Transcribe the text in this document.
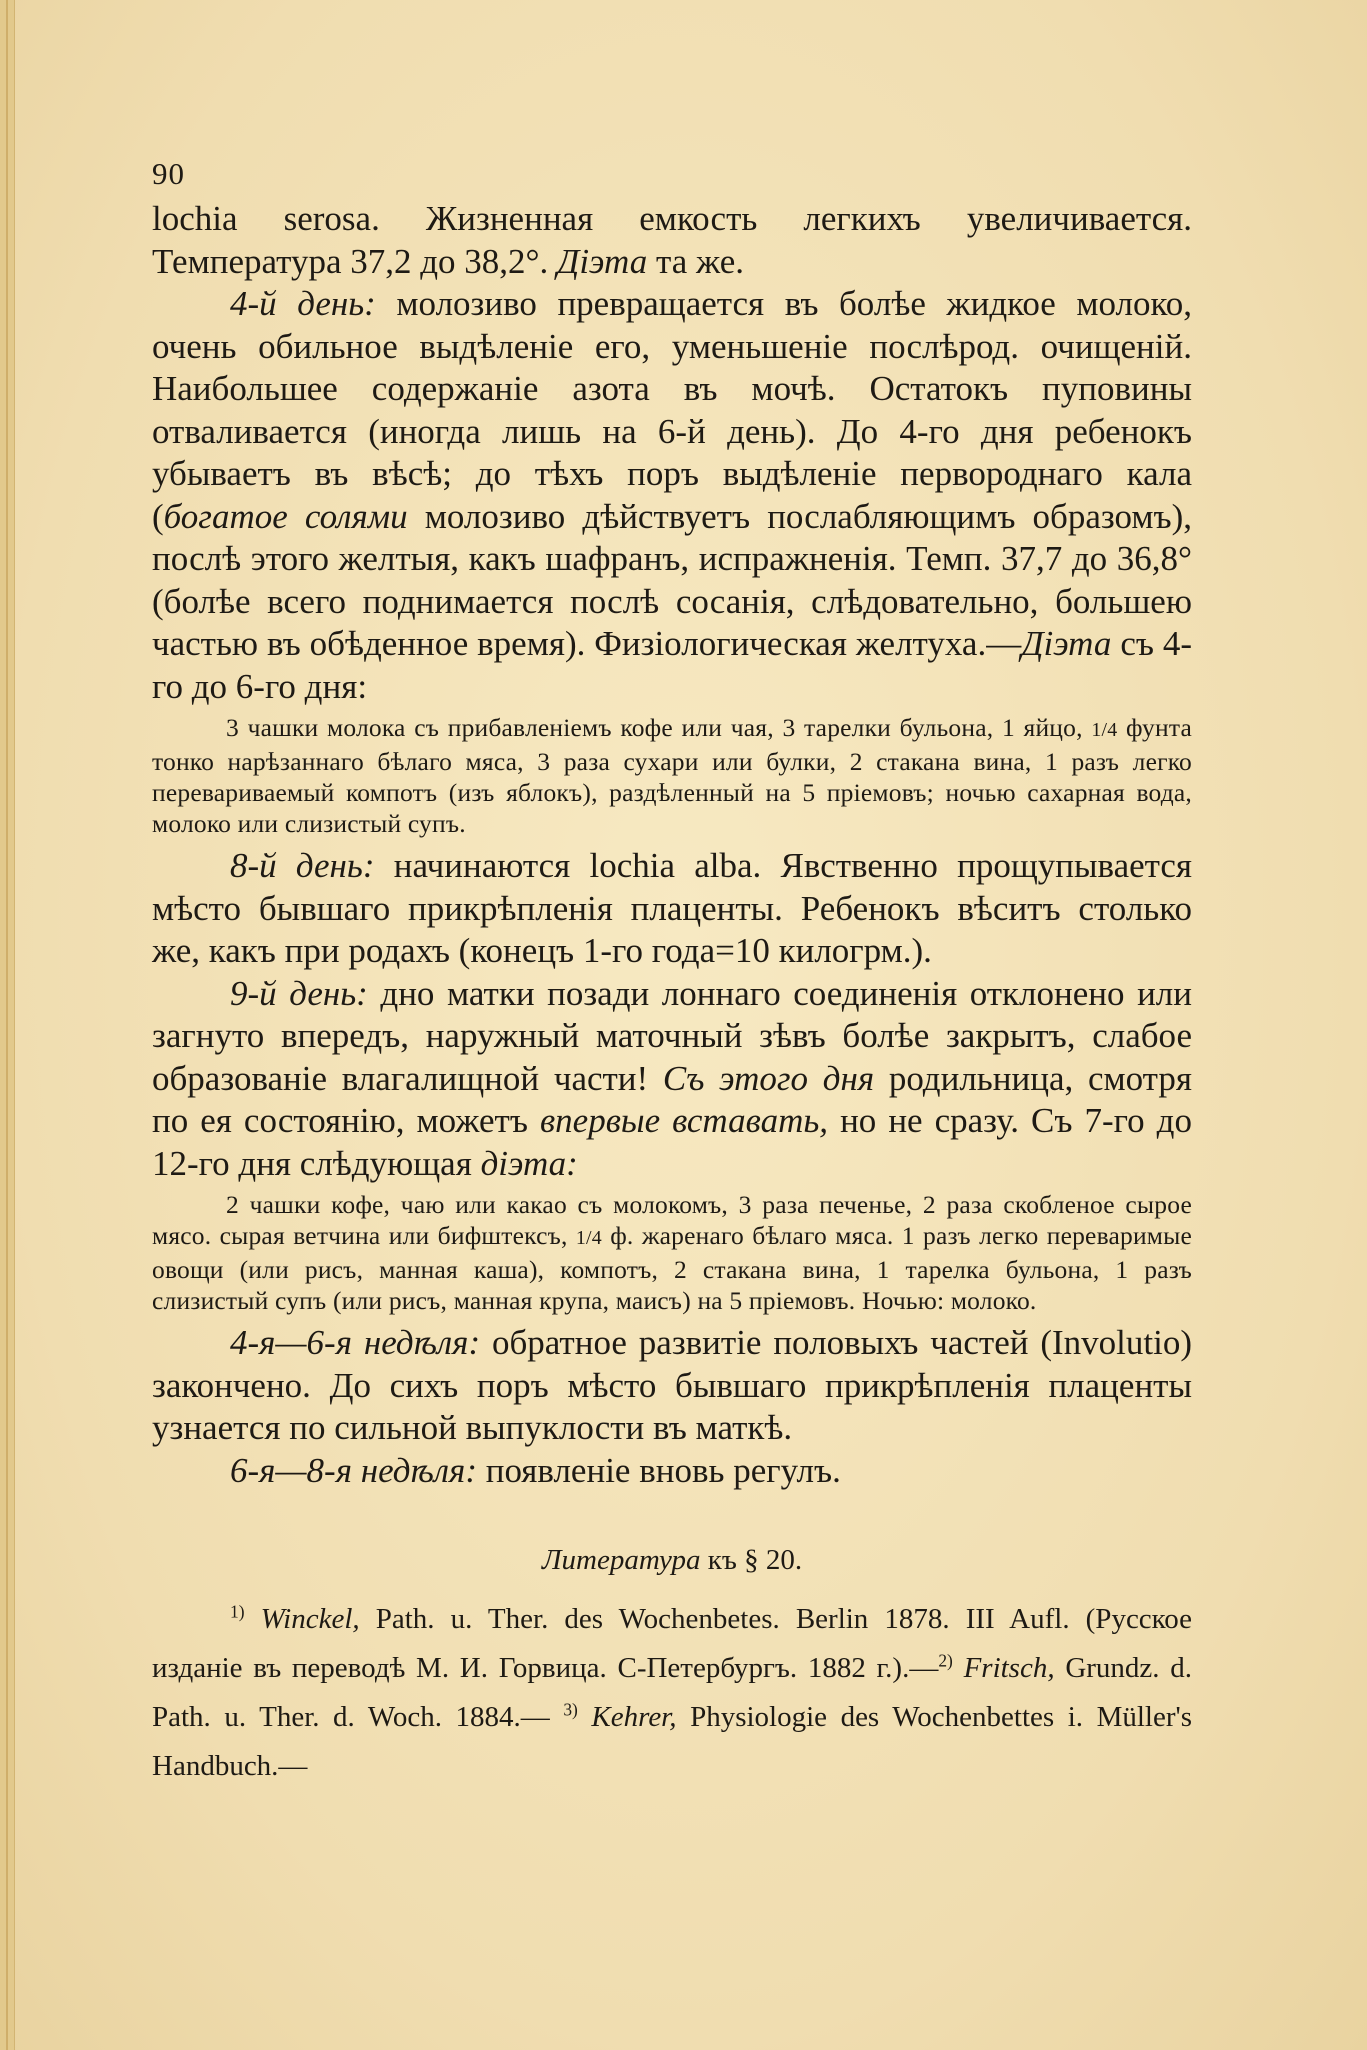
90

lochia serosa. Жизненная емкость легкихъ увеличивается. Температура 37,2 до 38,2°. Діэта та же.

4-й день: молозиво превращается въ болѣе жидкое молоко, очень обильное выдѣленіе его, уменьшеніе послѣрод. очищеній. Наибольшее содержаніе азота въ мочѣ. Остатокъ пуповины отваливается (иногда лишь на 6-й день). До 4-го дня ребенокъ убываетъ въ вѣсѣ; до тѣхъ поръ выдѣленіе первороднаго кала (богатое солями молозиво дѣйствуетъ послабляющимъ образомъ), послѣ этого желтыя, какъ шафранъ, испражненія. Темп. 37,7 до 36,8° (болѣе всего поднимается послѣ сосанія, слѣдовательно, большею частью въ обѣденное время). Физіологическая желтуха.—Діэта съ 4-го до 6-го дня:

3 чашки молока съ прибавленіемъ кофе или чая, 3 тарелки бульона, 1 яйцо, 1/4 фунта тонко нарѣзаннаго бѣлаго мяса, 3 раза сухари или булки, 2 стакана вина, 1 разъ легко перевариваемый компотъ (изъ яблокъ), раздѣленный на 5 пріемовъ; ночью сахарная вода, молоко или слизистый супъ.

8-й день: начинаются lochia alba. Явственно прощупывается мѣсто бывшаго прикрѣпленія плаценты. Ребенокъ вѣситъ столько же, какъ при родахъ (конецъ 1-го года=10 килогрм.).

9-й день: дно матки позади лоннаго соединенія отклонено или загнуто впередъ, наружный маточный зѣвъ болѣе закрытъ, слабое образованіе влагалищной части! Съ этого дня родильница, смотря по ея состоянію, можетъ впервые вставать, но не сразу. Съ 7-го до 12-го дня слѣдующая діэта:

2 чашки кофе, чаю или какао съ молокомъ, 3 раза печенье, 2 раза скобленое сырое мясо. сырая ветчина или бифштексъ, 1/4 ф. жаренаго бѣлаго мяса. 1 разъ легко переваримые овощи (или рисъ, манная каша), компотъ, 2 стакана вина, 1 тарелка бульона, 1 разъ слизистый супъ (или рисъ, манная крупа, маисъ) на 5 пріемовъ. Ночью: молоко.

4-я—6-я недѣля: обратное развитіе половыхъ частей (Involutio) закончено. До сихъ поръ мѣсто бывшаго прикрѣпленія плаценты узнается по сильной выпуклости въ маткѣ.

6-я—8-я недѣля: появленіе вновь регулъ.

Литература къ § 20.

$^{1)}$ Winckel, Path. u. Ther. des Wochenbetes. Berlin 1878. III Aufl. (Русское изданіе въ переводѣ М. И. Горвица. С-Петербургъ. 1882 г.).—$^{2)}$ Fritsch, Grundz. d. Path. u. Ther. d. Woch. 1884.— $^{3)}$ Kehrer, Physiologie des Wochenbettes i. Müller's Handbuch.—
